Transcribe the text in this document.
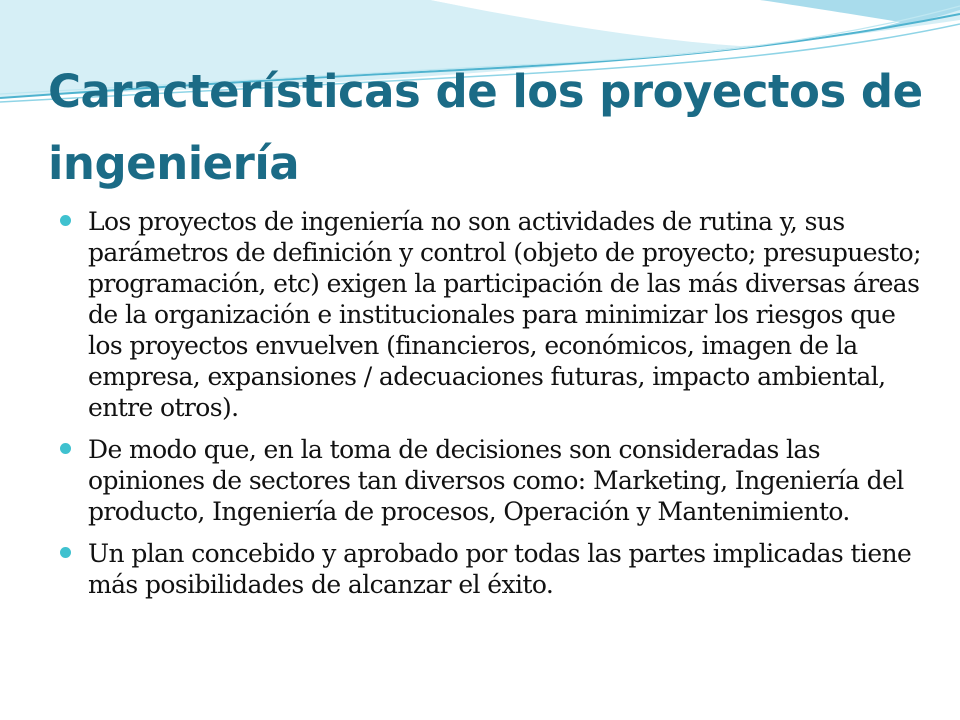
Características de los proyectos de ingeniería
Los proyectos de ingeniería no son actividades de rutina y, sus parámetros de definición y control (objeto de proyecto; presupuesto; programación, etc) exigen la participación de las más diversas áreas de la organización e institucionales para minimizar los riesgos que los proyectos envuelven (financieros, económicos, imagen de la empresa, expansiones / adecuaciones futuras, impacto ambiental, entre otros).
De modo que, en la toma de decisiones son consideradas las opiniones de sectores tan diversos como: Marketing, Ingeniería del producto, Ingeniería de procesos, Operación y Mantenimiento.
Un plan concebido y aprobado por todas las partes implicadas tiene más posibilidades de alcanzar el éxito.
